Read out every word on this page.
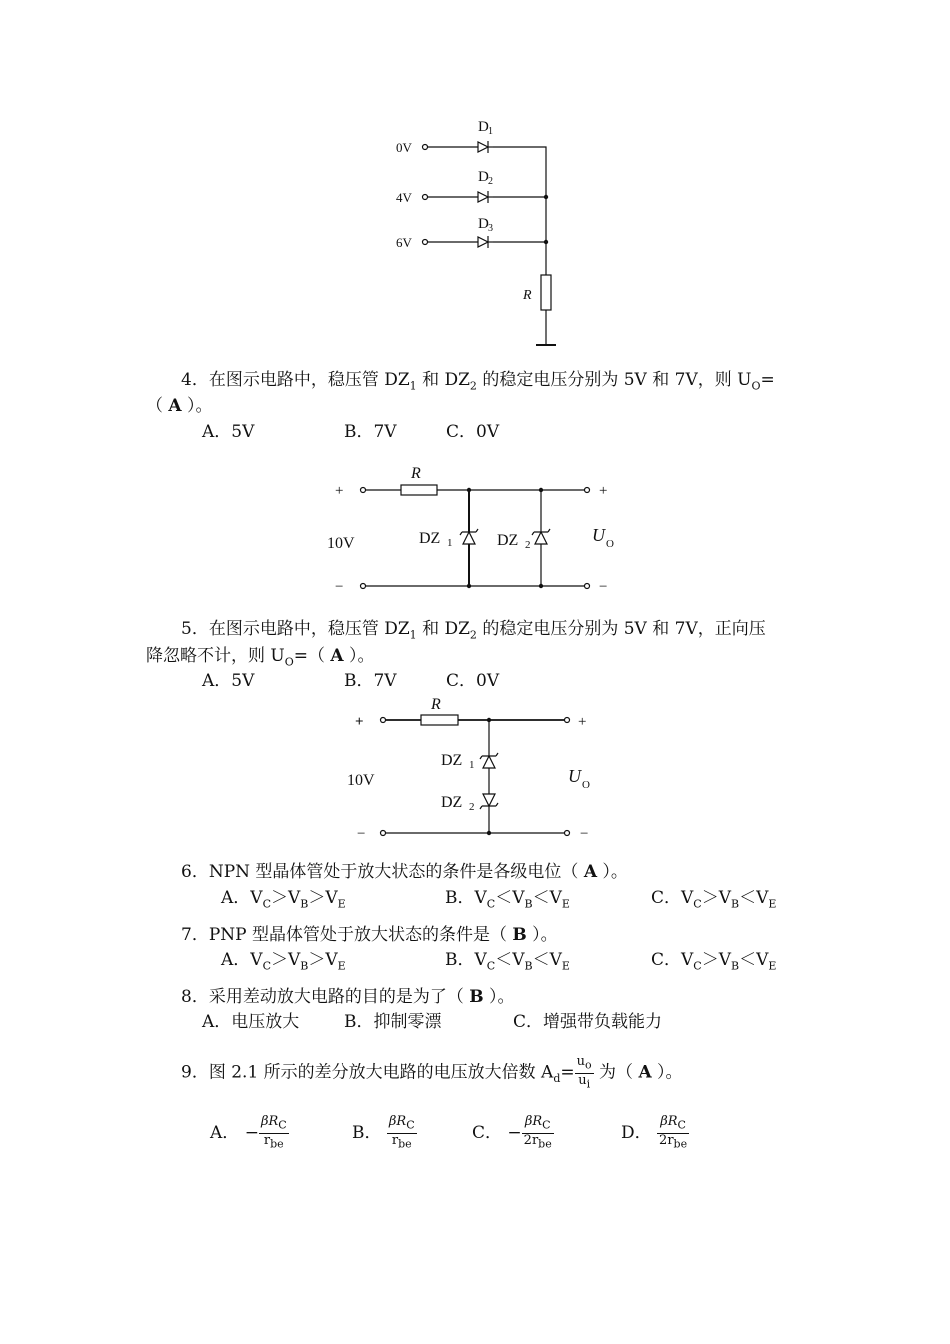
D 1
D 2
D 3
0V
4V
6V
R
4．在图示电路中，稳压管 $DZ_1$ 和 $DZ_2$ 的稳定电压分别为 5V 和 7V，则 $U_O=$
（ A ）。
A．5V	B．7V	C．0V
R
+	+
−	−
10V	DZ 1	DZ 2	U O
5．在图示电路中，稳压管 $DZ_1$ 和 $DZ_2$ 的稳定电压分别为 5V 和 7V，正向压
降忽略不计，则 $U_O=$（ A ）。
A．5V	B．7V	C．0V
R
+	+
−	−
10V
DZ 1
DZ 2
U O
6．NPN 型晶体管处于放大状态的条件是各级电位（ A ）。
A．$V_C>V_B>V_E$	B．$V_C<V_B<V_E$	C．$V_C>V_B<V_E$
7．PNP 型晶体管处于放大状态的条件是（ B ）。
A．$V_C>V_B>V_E$	B．$V_C<V_B<V_E$	C．$V_C>V_B<V_E$
8．采用差动放大电路的目的是为了（ B ）。
A．电压放大	B．抑制零漂	C．增强带负载能力
9．图 2.1 所示的差分放大电路的电压放大倍数 $A_d= \frac{u_o}{u_i}$ 为（ A ）。
A． − $\frac{\beta R_C}{r_{be}}$	B． $\frac{\beta R_C}{r_{be}}$	C． − $\frac{\beta R_C}{2r_{be}}$	D． $\frac{\beta R_C}{2r_{be}}$
